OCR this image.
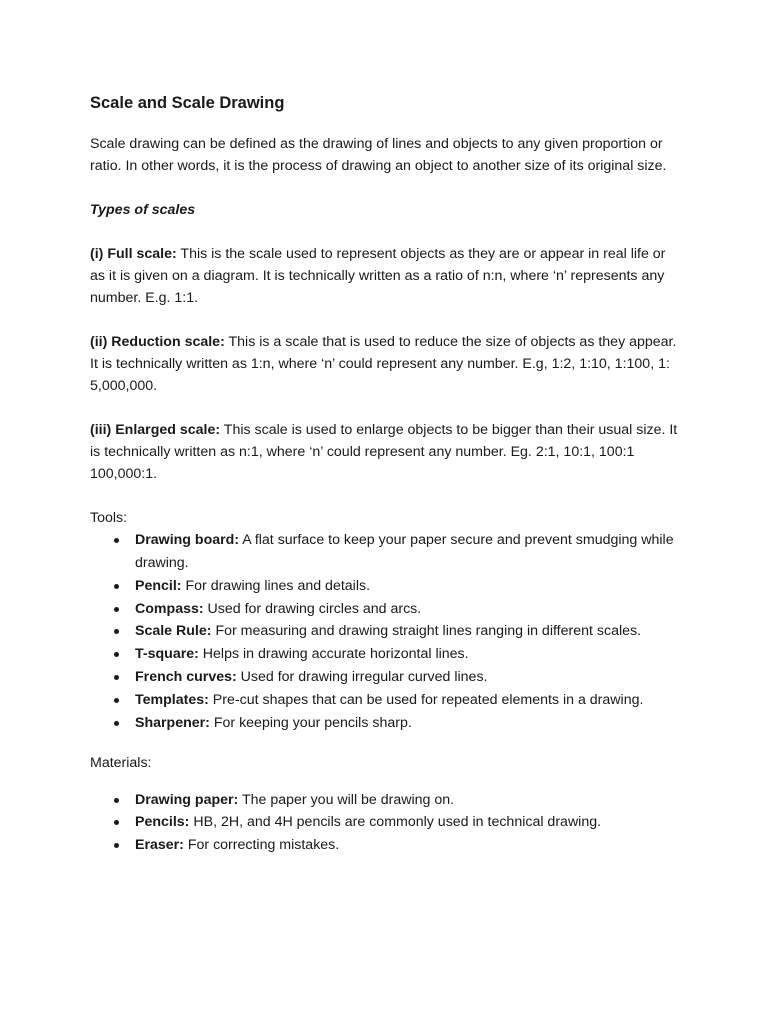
Scale and Scale Drawing

Scale drawing can be defined as the drawing of lines and objects to any given proportion or ratio. In other words, it is the process of drawing an object to another size of its original size.

Types of scales

(i) Full scale: This is the scale used to represent objects as they are or appear in real life or as it is given on a diagram. It is technically written as a ratio of n:n, where ‘n’ represents any number. E.g. 1:1.

(ii) Reduction scale: This is a scale that is used to reduce the size of objects as they appear. It is technically written as 1:n, where ‘n’ could represent any number. E.g, 1:2, 1:10, 1:100, 1: 5,000,000.

(iii) Enlarged scale: This scale is used to enlarge objects to be bigger than their usual size. It is technically written as n:1, where ‘n’ could represent any number. Eg. 2:1, 10:1, 100:1 100,000:1.

Tools:

Drawing board: A flat surface to keep your paper secure and prevent smudging while drawing.
Pencil: For drawing lines and details.
Compass: Used for drawing circles and arcs.
Scale Rule: For measuring and drawing straight lines ranging in different scales.
T-square: Helps in drawing accurate horizontal lines.
French curves: Used for drawing irregular curved lines.
Templates: Pre-cut shapes that can be used for repeated elements in a drawing.
Sharpener: For keeping your pencils sharp.

Materials:

Drawing paper: The paper you will be drawing on.
Pencils: HB, 2H, and 4H pencils are commonly used in technical drawing.
Eraser: For correcting mistakes.
